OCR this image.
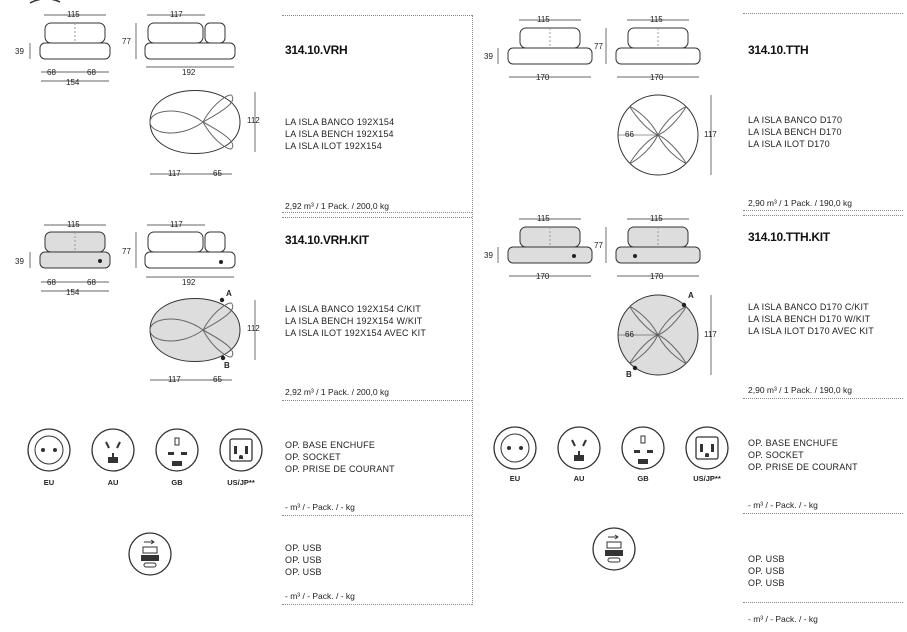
115	117
39
77
68	68
154
192
112
117	65
314.10.VRH
LA ISLA BANCO 192X154
LA ISLA BENCH 192X154
LA ISLA ILOT 192X154
2,92 m³ / 1 Pack. / 200,0 kg
115	117
39
77
68	68
154
192
112
117	65
A
B
314.10.VRH.KIT
LA ISLA BANCO 192X154 C/KIT
LA ISLA BENCH 192X154 W/KIT
LA ISLA ILOT 192X154 AVEC KIT
2,92 m³ / 1 Pack. / 200,0 kg
EU	AU	GB	US/JP**
OP. BASE ENCHUFE
OP. SOCKET
OP. PRISE DE COURANT
- m³ / - Pack. / - kg
OP. USB
OP. USB
OP. USB
- m³ / - Pack. / - kg
115	115
39
77
170	170
66	117
314.10.TTH
LA ISLA BANCO D170
LA ISLA BENCH D170
LA ISLA ILOT D170
2,90 m³ / 1 Pack. / 190,0 kg
115	115
39
77
170	170
66	117
A
B
314.10.TTH.KIT
LA ISLA BANCO D170 C/KIT
LA ISLA BENCH D170 W/KIT
LA ISLA ILOT D170 AVEC KIT
2,90 m³ / 1 Pack. / 190,0 kg
EU	AU	GB	US/JP**
OP. BASE ENCHUFE
OP. SOCKET
OP. PRISE DE COURANT
- m³ / - Pack. / - kg
OP. USB
OP. USB
OP. USB
- m³ / - Pack. / - kg
